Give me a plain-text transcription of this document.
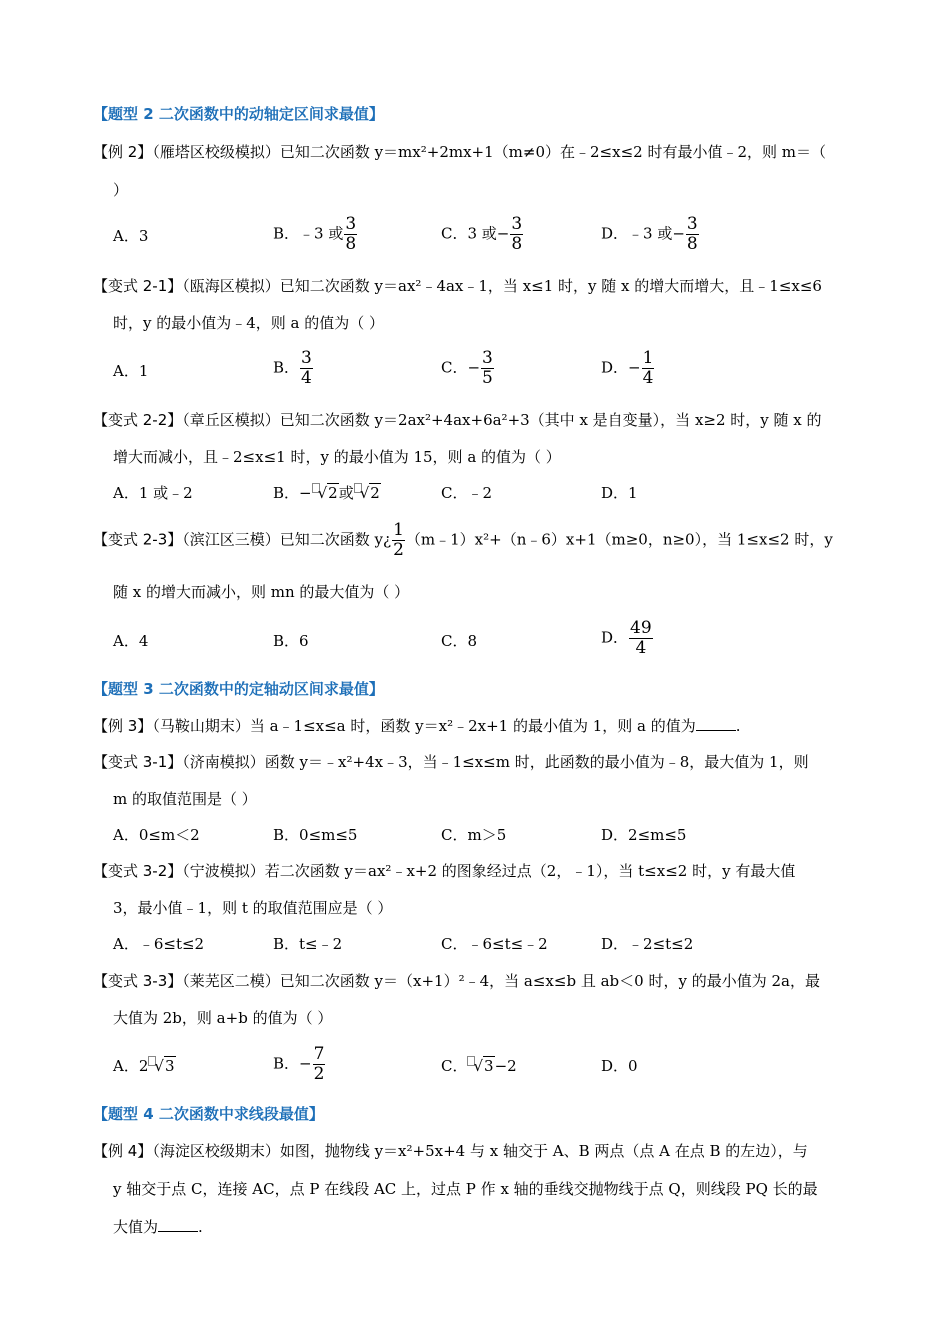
【题型 2 二次函数中的动轴定区间求最值】
【例 2】（雁塔区校级模拟）已知二次函数 y＝mx²+2mx+1（m≠0）在﹣2≤x≤2 时有最小值﹣2，则 m＝（
）
A．3	B．﹣3 或 $\frac{3}{8}$	C．3 或− $\frac{3}{8}$	D．﹣3 或− $\frac{3}{8}$
【变式 2-1】（瓯海区模拟）已知二次函数 y＝ax²﹣4ax﹣1，当 x≤1 时，y 随 x 的增大而增大，且﹣1≤x≤6
时，y 的最小值为﹣4，则 a 的值为（ ）
A．1	B． $\frac{3}{4}$	C．− $\frac{3}{5}$	D．− $\frac{1}{4}$
【变式 2-2】（章丘区模拟）已知二次函数 y＝2ax²+4ax+6a²+3（其中 x 是自变量），当 x≥2 时，y 随 x 的
增大而减小，且﹣2≤x≤1 时，y 的最小值为 15，则 a 的值为（ ）
A．1 或﹣2	B．− √2或 √2	C．﹣2	D．1
【变式 2-3】（滨江区三模）已知二次函数 y¿ $\frac{1}{2}$ （m﹣1）x²+（n﹣6）x+1（m≥0，n≥0），当 1≤x≤2 时，y
随 x 的增大而减小，则 mn 的最大值为（ ）
A．4	B．6	C．8	D． $\frac{49}{4}$
【题型 3 二次函数中的定轴动区间求最值】
【例 3】（马鞍山期末）当 a﹣1≤x≤a 时，函数 y＝x²﹣2x+1 的最小值为 1，则 a 的值为	.
【变式 3-1】（济南模拟）函数 y＝﹣x²+4x﹣3，当﹣1≤x≤m 时，此函数的最小值为﹣8，最大值为 1，则
m 的取值范围是（ ）
A．0≤m＜2	B．0≤m≤5	C．m＞5	D．2≤m≤5
【变式 3-2】（宁波模拟）若二次函数 y＝ax²﹣x+2 的图象经过点（2，﹣1），当 t≤x≤2 时，y 有最大值
3，最小值﹣1，则 t 的取值范围应是（ ）
A．﹣6≤t≤2	B．t≤﹣2	C．﹣6≤t≤﹣2	D．﹣2≤t≤2
【变式 3-3】（莱芜区二模）已知二次函数 y＝（x+1）²﹣4，当 a≤x≤b 且 ab＜0 时，y 的最小值为 2a，最
大值为 2b，则 a+b 的值为（ ）
A．2 √3	B．− $\frac{7}{2}$	C． √3−2	D．0
【题型 4 二次函数中求线段最值】
【例 4】（海淀区校级期末）如图，抛物线 y＝x²+5x+4 与 x 轴交于 A、B 两点（点 A 在点 B 的左边），与
y 轴交于点 C，连接 AC，点 P 在线段 AC 上，过点 P 作 x 轴的垂线交抛物线于点 Q，则线段 PQ 长的最
大值为	.
